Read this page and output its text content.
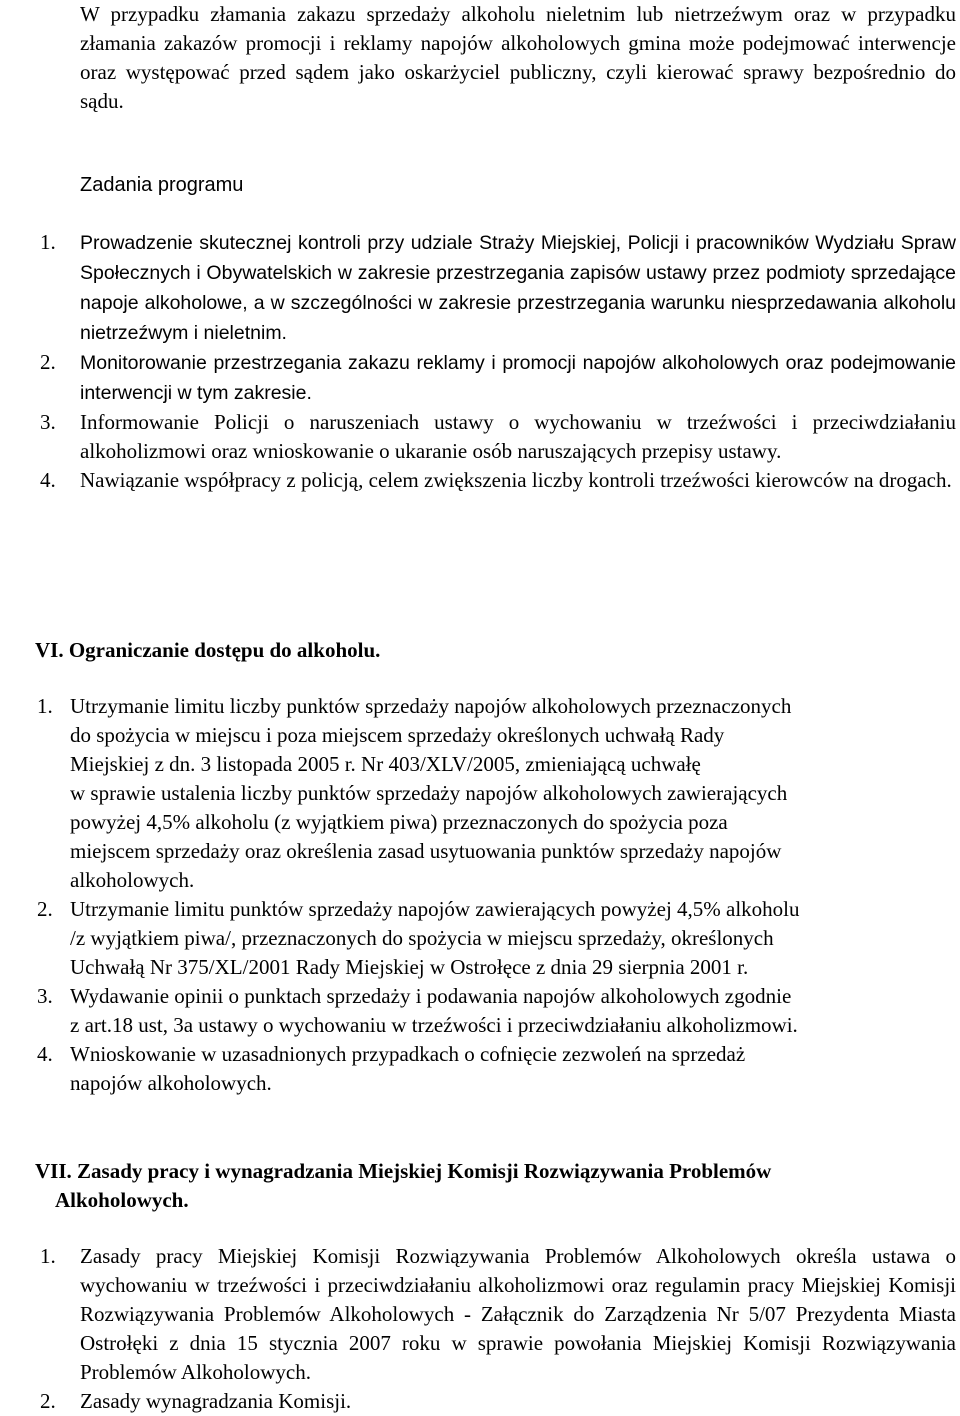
W przypadku złamania zakazu sprzedaży alkoholu nieletnim lub nietrzeźwym oraz w przypadku złamania zakazów promocji i reklamy napojów alkoholowych gmina może podejmować interwencje oraz występować przed sądem jako oskarżyciel publiczny, czyli kierować sprawy bezpośrednio do sądu.

Zadania programu
1. Prowadzenie skutecznej kontroli przy udziale Straży Miejskiej, Policji i pracowników Wydziału Spraw Społecznych i Obywatelskich w zakresie przestrzegania zapisów ustawy przez podmioty sprzedające napoje alkoholowe, a w szczególności w zakresie przestrzegania warunku niesprzedawania alkoholu nietrzeźwym i nieletnim.
2. Monitorowanie przestrzegania zakazu reklamy i promocji napojów alkoholowych oraz podejmowanie interwencji w tym zakresie.
3. Informowanie Policji o naruszeniach ustawy o wychowaniu w trzeźwości i przeciwdziałaniu alkoholizmowi oraz wnioskowanie o ukaranie osób naruszających przepisy ustawy.
4. Nawiązanie współpracy z policją, celem zwiększenia liczby kontroli trzeźwości kierowców na drogach.
VI. Ograniczanie dostępu do alkoholu.
1. Utrzymanie limitu liczby punktów sprzedaży napojów alkoholowych przeznaczonych
do spożycia w miejscu i poza miejscem sprzedaży określonych uchwałą Rady
Miejskiej z dn. 3 listopada 2005 r. Nr 403/XLV/2005, zmieniającą uchwałę
w sprawie ustalenia liczby punktów sprzedaży napojów alkoholowych zawierających
powyżej 4,5% alkoholu (z wyjątkiem piwa) przeznaczonych do spożycia poza
miejscem sprzedaży oraz określenia zasad usytuowania punktów sprzedaży napojów
alkoholowych.
2. Utrzymanie limitu punktów sprzedaży napojów zawierających powyżej 4,5% alkoholu
/z wyjątkiem piwa/, przeznaczonych do spożycia w miejscu sprzedaży, określonych
Uchwałą Nr 375/XL/2001 Rady Miejskiej w Ostrołęce z dnia 29 sierpnia 2001 r.
3. Wydawanie opinii o punktach sprzedaży i podawania napojów alkoholowych zgodnie
z art.18 ust, 3a ustawy o wychowaniu w trzeźwości i przeciwdziałaniu alkoholizmowi.
4. Wnioskowanie w uzasadnionych przypadkach o cofnięcie zezwoleń na sprzedaż
napojów alkoholowych.
VII. Zasady pracy i wynagradzania Miejskiej Komisji Rozwiązywania Problemów
Alkoholowych.
1. Zasady pracy Miejskiej Komisji Rozwiązywania Problemów Alkoholowych określa ustawa o wychowaniu w trzeźwości i przeciwdziałaniu alkoholizmowi oraz regulamin pracy Miejskiej Komisji Rozwiązywania Problemów Alkoholowych - Załącznik do Zarządzenia Nr 5/07 Prezydenta Miasta Ostrołęki z dnia 15 stycznia 2007 roku w sprawie powołania Miejskiej Komisji Rozwiązywania Problemów Alkoholowych.
2. Zasady wynagradzania Komisji.
